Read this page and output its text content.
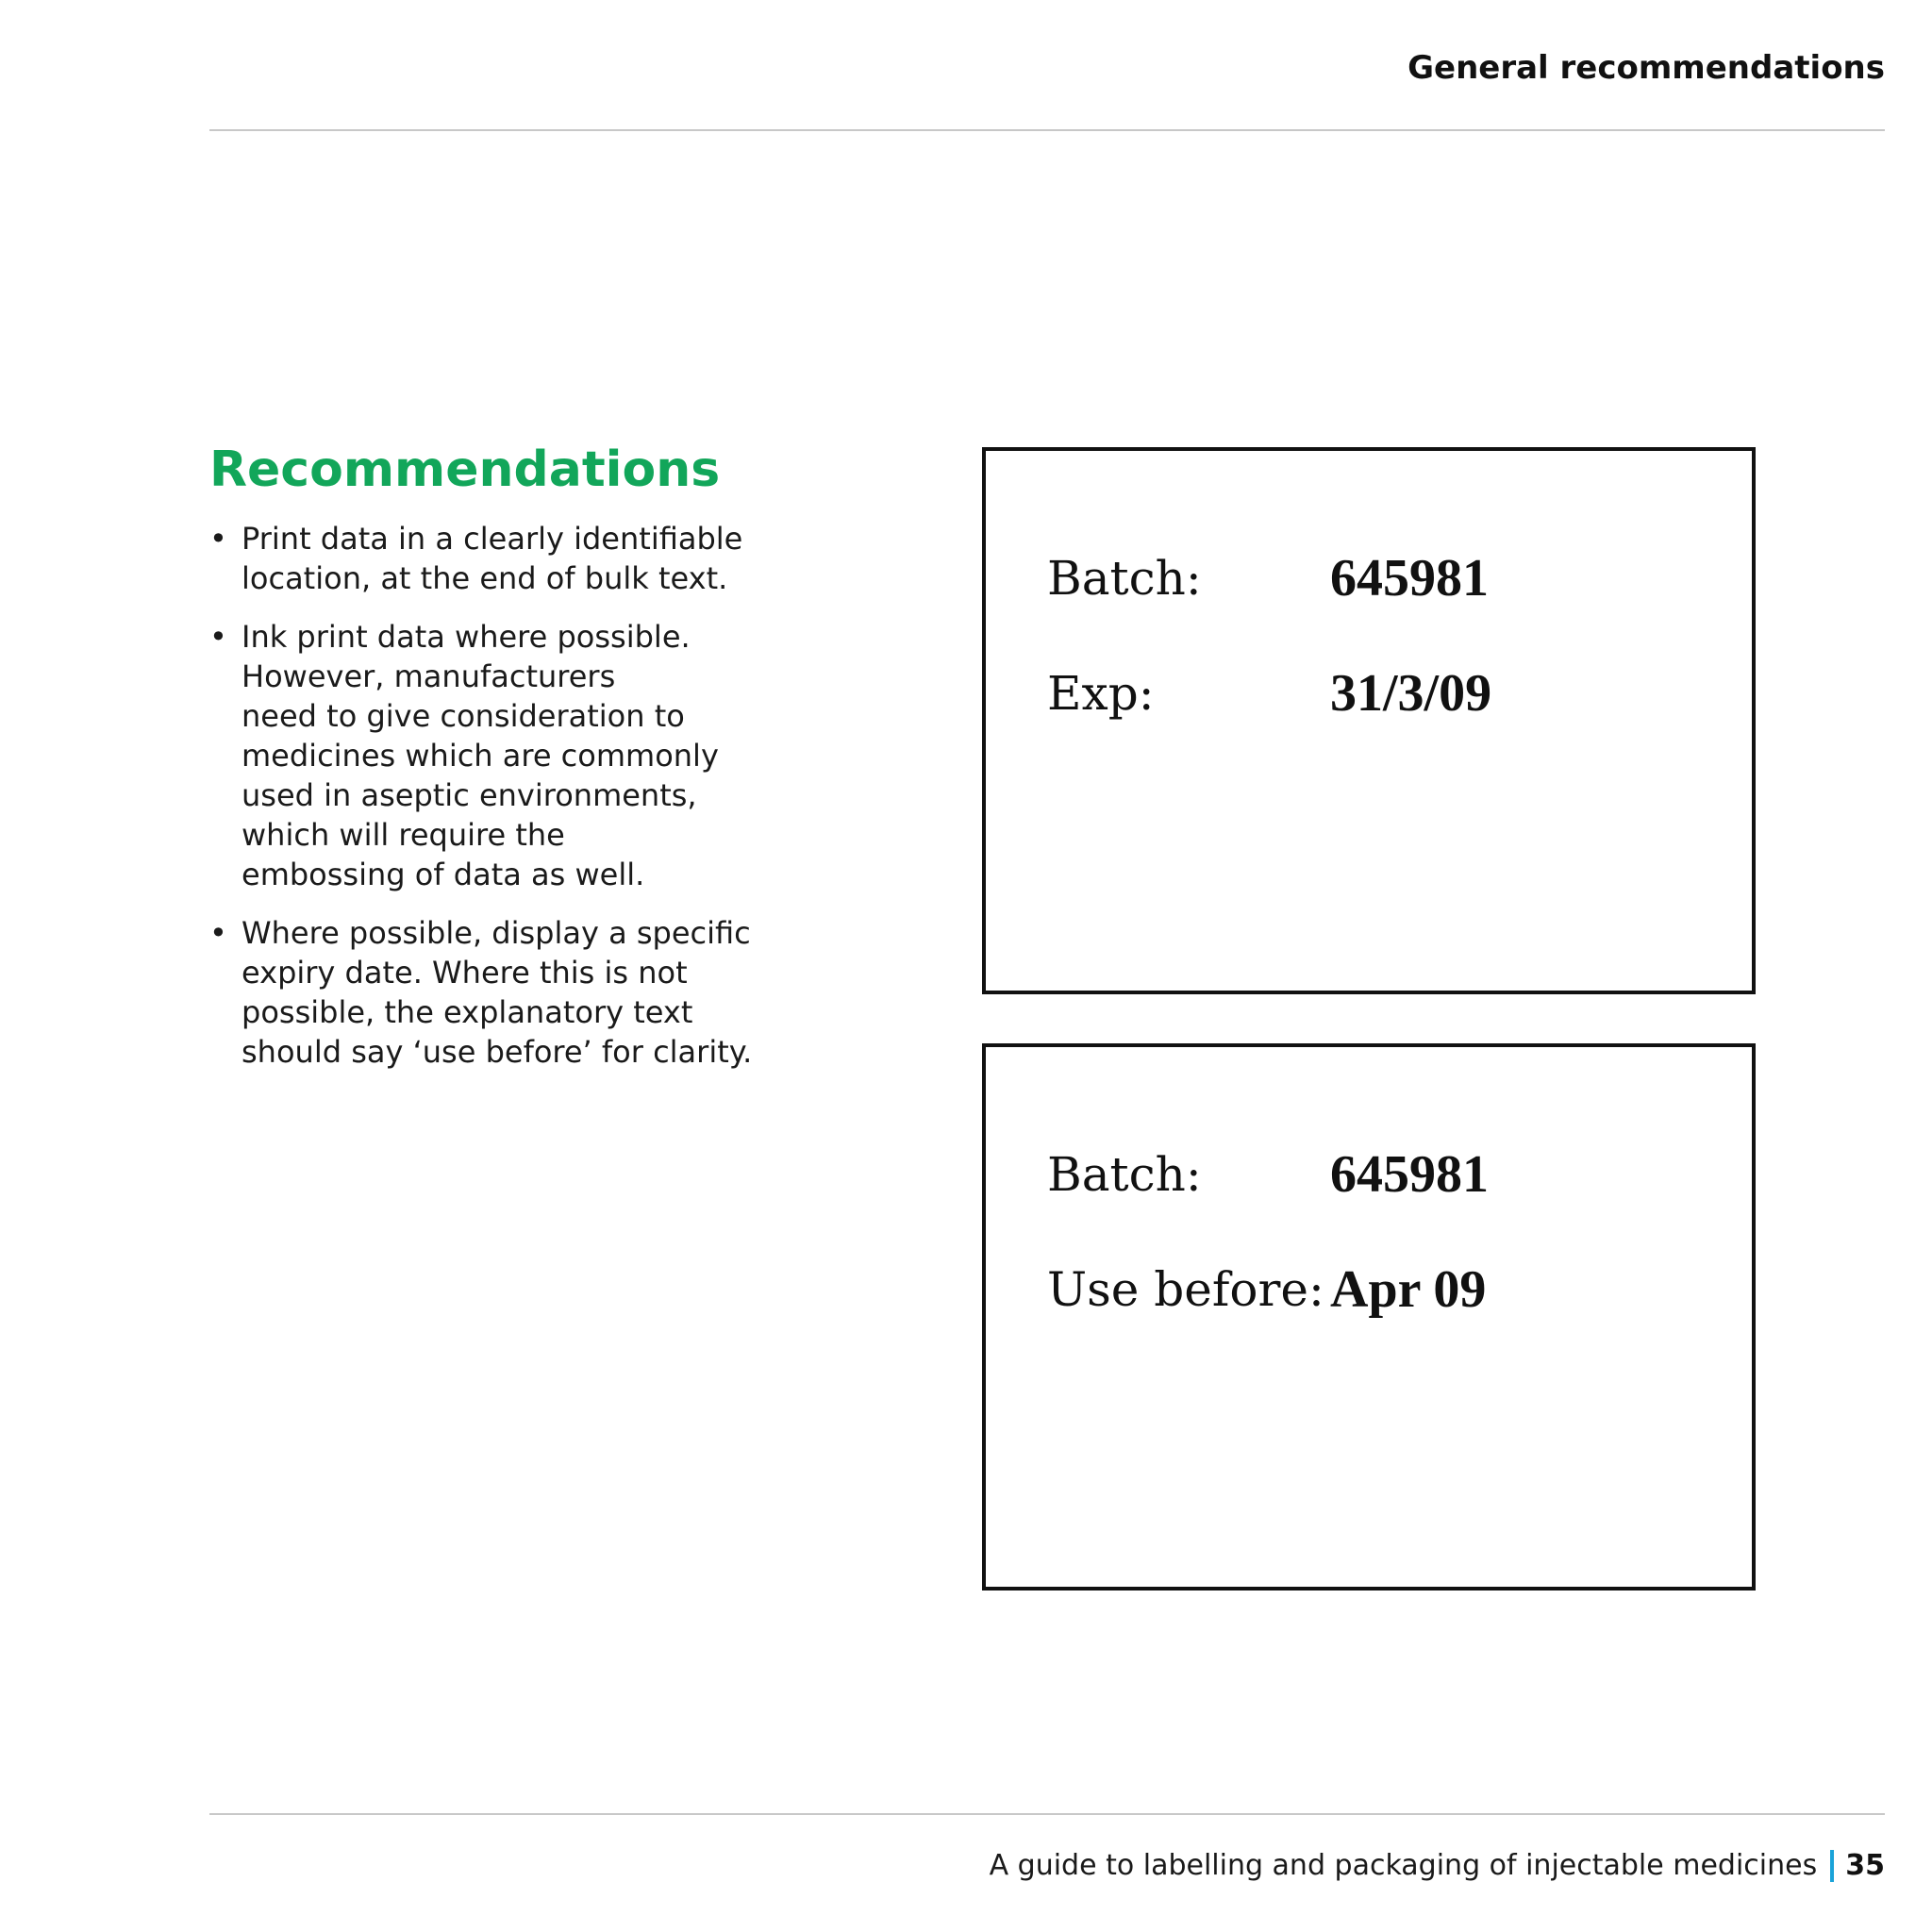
General recommendations
Recommendations
• Print data in a clearly identifiable
location, at the end of bulk text.
• Ink print data where possible.
However, manufacturers
need to give consideration to
medicines which are commonly
used in aseptic environments,
which will require the
embossing of data as well.
• Where possible, display a specific
expiry date. Where this is not
possible, the explanatory text
should say ‘use before’ for clarity.
Batch: 645981
Exp:	31/3/09
Batch: 645981
Use before: Apr 09
A guide to labelling and packaging of injectable medicines 35
